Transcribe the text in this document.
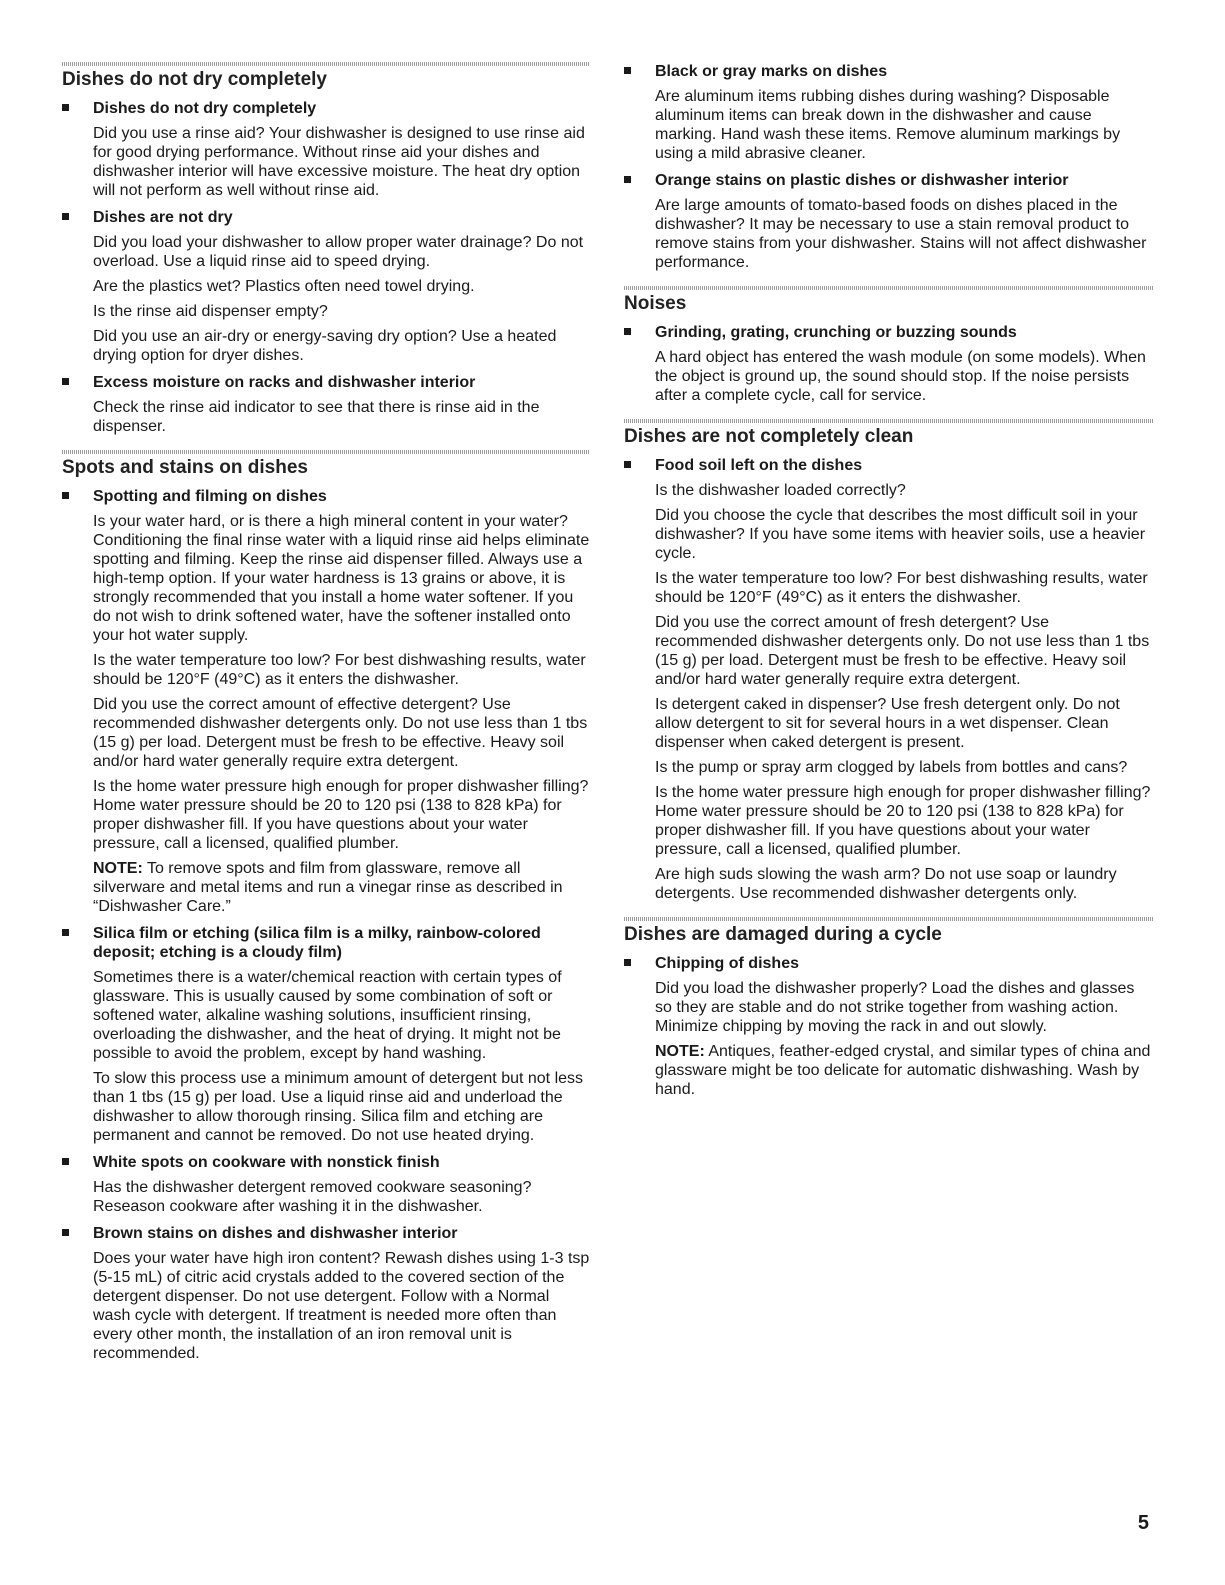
Dishes do not dry completely
Dishes do not dry completely

Did you use a rinse aid? Your dishwasher is designed to use rinse aid for good drying performance. Without rinse aid your dishes and dishwasher interior will have excessive moisture. The heat dry option will not perform as well without rinse aid.

Dishes are not dry

Did you load your dishwasher to allow proper water drainage? Do not overload. Use a liquid rinse aid to speed drying.

Are the plastics wet? Plastics often need towel drying.

Is the rinse aid dispenser empty?

Did you use an air-dry or energy-saving dry option? Use a heated drying option for dryer dishes.

Excess moisture on racks and dishwasher interior

Check the rinse aid indicator to see that there is rinse aid in the dispenser.

Spots and stains on dishes
Spotting and filming on dishes

Is your water hard, or is there a high mineral content in your water? Conditioning the final rinse water with a liquid rinse aid helps eliminate spotting and filming. Keep the rinse aid dispenser filled. Always use a high-temp option. If your water hardness is 13 grains or above, it is strongly recommended that you install a home water softener. If you do not wish to drink softened water, have the softener installed onto your hot water supply.

Is the water temperature too low? For best dishwashing results, water should be 120°F (49°C) as it enters the dishwasher.

Did you use the correct amount of effective detergent? Use recommended dishwasher detergents only. Do not use less than 1 tbs (15 g) per load. Detergent must be fresh to be effective. Heavy soil and/or hard water generally require extra detergent.

Is the home water pressure high enough for proper dishwasher filling? Home water pressure should be 20 to 120 psi (138 to 828 kPa) for proper dishwasher fill. If you have questions about your water pressure, call a licensed, qualified plumber.

NOTE: To remove spots and film from glassware, remove all silverware and metal items and run a vinegar rinse as described in “Dishwasher Care.”

Silica film or etching (silica film is a milky, rainbow-colored deposit; etching is a cloudy film)

Sometimes there is a water/chemical reaction with certain types of glassware. This is usually caused by some combination of soft or softened water, alkaline washing solutions, insufficient rinsing, overloading the dishwasher, and the heat of drying. It might not be possible to avoid the problem, except by hand washing.

To slow this process use a minimum amount of detergent but not less than 1 tbs (15 g) per load. Use a liquid rinse aid and underload the dishwasher to allow thorough rinsing. Silica film and etching are permanent and cannot be removed. Do not use heated drying.

White spots on cookware with nonstick finish

Has the dishwasher detergent removed cookware seasoning? Reseason cookware after washing it in the dishwasher.

Brown stains on dishes and dishwasher interior

Does your water have high iron content? Rewash dishes using 1-3 tsp (5-15 mL) of citric acid crystals added to the covered section of the detergent dispenser. Do not use detergent. Follow with a Normal wash cycle with detergent. If treatment is needed more often than every other month, the installation of an iron removal unit is recommended.

Black or gray marks on dishes

Are aluminum items rubbing dishes during washing? Disposable aluminum items can break down in the dishwasher and cause marking. Hand wash these items. Remove aluminum markings by using a mild abrasive cleaner.

Orange stains on plastic dishes or dishwasher interior

Are large amounts of tomato-based foods on dishes placed in the dishwasher? It may be necessary to use a stain removal product to remove stains from your dishwasher. Stains will not affect dishwasher performance.

Noises
Grinding, grating, crunching or buzzing sounds

A hard object has entered the wash module (on some models). When the object is ground up, the sound should stop. If the noise persists after a complete cycle, call for service.

Dishes are not completely clean
Food soil left on the dishes

Is the dishwasher loaded correctly?

Did you choose the cycle that describes the most difficult soil in your dishwasher? If you have some items with heavier soils, use a heavier cycle.

Is the water temperature too low? For best dishwashing results, water should be 120°F (49°C) as it enters the dishwasher.

Did you use the correct amount of fresh detergent? Use recommended dishwasher detergents only. Do not use less than 1 tbs (15 g) per load. Detergent must be fresh to be effective. Heavy soil and/or hard water generally require extra detergent.

Is detergent caked in dispenser? Use fresh detergent only. Do not allow detergent to sit for several hours in a wet dispenser. Clean dispenser when caked detergent is present.

Is the pump or spray arm clogged by labels from bottles and cans?

Is the home water pressure high enough for proper dishwasher filling? Home water pressure should be 20 to 120 psi (138 to 828 kPa) for proper dishwasher fill. If you have questions about your water pressure, call a licensed, qualified plumber.

Are high suds slowing the wash arm? Do not use soap or laundry detergents. Use recommended dishwasher detergents only.

Dishes are damaged during a cycle
Chipping of dishes

Did you load the dishwasher properly? Load the dishes and glasses so they are stable and do not strike together from washing action. Minimize chipping by moving the rack in and out slowly.

NOTE: Antiques, feather-edged crystal, and similar types of china and glassware might be too delicate for automatic dishwashing. Wash by hand.

5
